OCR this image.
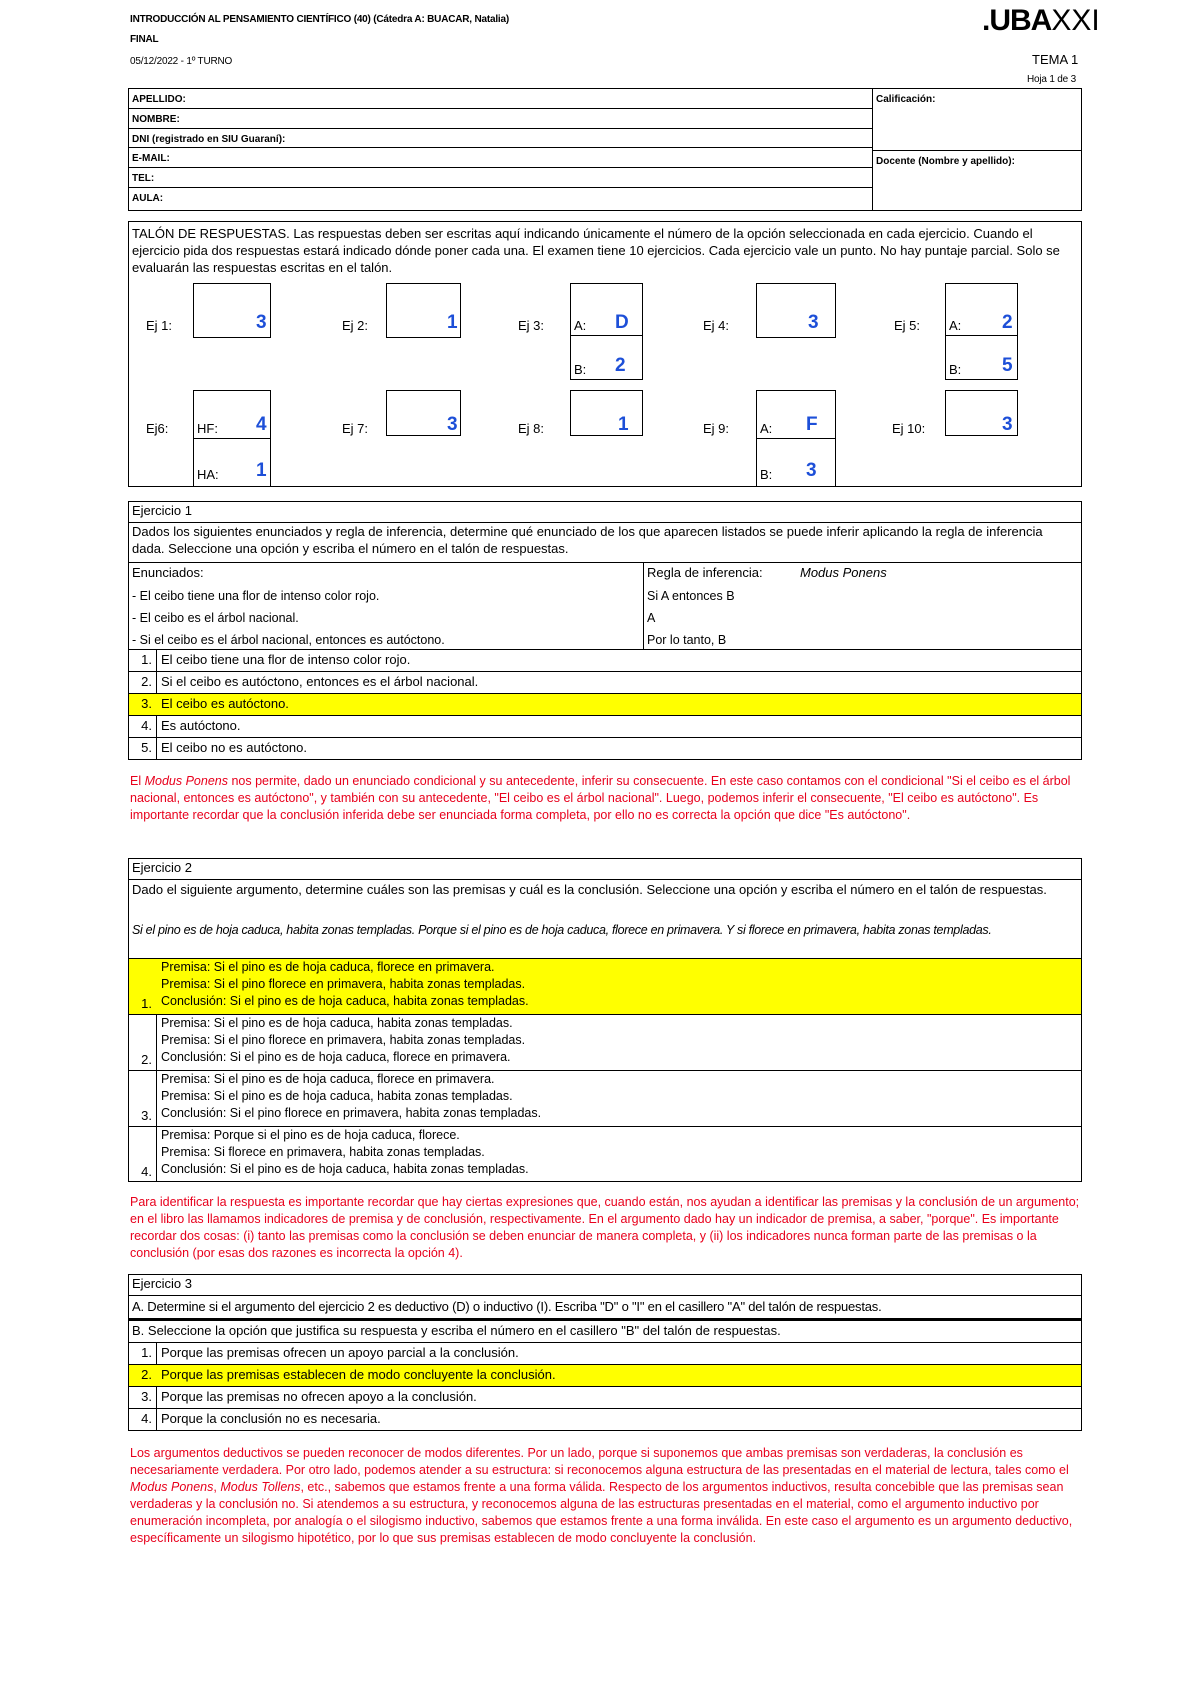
INTRODUCCIÓN AL PENSAMIENTO CIENTÍFICO (40) (Cátedra A: BUACAR, Natalia)
FINAL
05/12/2022 - 1º TURNO
.UBAXXI
TEMA 1
Hoja 1 de 3
APELLIDO:
NOMBRE:
DNI (registrado en SIU Guaraní):
E-MAIL:
TEL:
AULA:
Calificación:
Docente (Nombre y apellido):
TALÓN DE RESPUESTAS. Las respuestas deben ser escritas aquí indicando únicamente el número de la opción seleccionada en cada ejercicio. Cuando el ejercicio pida dos respuestas estará indicado dónde poner cada una. El examen tiene 10 ejercicios. Cada ejercicio vale un punto. No hay puntaje parcial. Solo se evaluarán las respuestas escritas en el talón.
Ej 1:	3	Ej 2:	1	Ej 3: A: D
B: 2
Ej 4:	3	Ej 5: A: 2
B: 5
Ej6: HF: 4
HA: 1
Ej 7:	3	Ej 8:	1	Ej 9: A: F
B: 3
Ej 10:	3
Ejercicio 1
Dados los siguientes enunciados y regla de inferencia, determine qué enunciado de los que aparecen listados se puede inferir aplicando la regla de inferencia dada. Seleccione una opción y escriba el número en el talón de respuestas.
Enunciados:
- El ceibo tiene una flor de intenso color rojo.
- El ceibo es el árbol nacional.
- Si el ceibo es el árbol nacional, entonces es autóctono.
Regla de inferencia:	Modus Ponens
Si A entonces B
A
Por lo tanto, B
1. El ceibo tiene una flor de intenso color rojo.
2. Si el ceibo es autóctono, entonces es el árbol nacional.
3. El ceibo es autóctono.
4. Es autóctono.
5. El ceibo no es autóctono.
El Modus Ponens nos permite, dado un enunciado condicional y su antecedente, inferir su consecuente. En este caso contamos con el condicional "Si el ceibo es el árbol nacional, entonces es autóctono", y también con su antecedente, "El ceibo es el árbol nacional". Luego, podemos inferir el consecuente, "El ceibo es autóctono". Es importante recordar que la conclusión inferida debe ser enunciada forma completa, por ello no es correcta la opción que dice "Es autóctono".
Ejercicio 2
Dado el siguiente argumento, determine cuáles son las premisas y cuál es la conclusión. Seleccione una opción y escriba el número en el talón de respuestas.
Si el pino es de hoja caduca, habita zonas templadas. Porque si el pino es de hoja caduca, florece en primavera. Y si florece en primavera, habita zonas templadas.
1.
Premisa: Si el pino es de hoja caduca, florece en primavera.
Premisa: Si el pino florece en primavera, habita zonas templadas.
Conclusión: Si el pino es de hoja caduca, habita zonas templadas.
2.
Premisa: Si el pino es de hoja caduca, habita zonas templadas.
Premisa: Si el pino florece en primavera, habita zonas templadas.
Conclusión: Si el pino es de hoja caduca, florece en primavera.
3.
Premisa: Si el pino es de hoja caduca, florece en primavera.
Premisa: Si el pino es de hoja caduca, habita zonas templadas.
Conclusión: Si el pino florece en primavera, habita zonas templadas.
4.
Premisa: Porque si el pino es de hoja caduca, florece.
Premisa: Si florece en primavera, habita zonas templadas.
Conclusión: Si el pino es de hoja caduca, habita zonas templadas.
Para identificar la respuesta es importante recordar que hay ciertas expresiones que, cuando están, nos ayudan a identificar las premisas y la conclusión de un argumento; en el libro las llamamos indicadores de premisa y de conclusión, respectivamente. En el argumento dado hay un indicador de premisa, a saber, "porque". Es importante recordar dos cosas: (i) tanto las premisas como la conclusión se deben enunciar de manera completa, y (ii) los indicadores nunca forman parte de las premisas o la conclusión (por esas dos razones es incorrecta la opción 4).
Ejercicio 3
A. Determine si el argumento del ejercicio 2 es deductivo (D) o inductivo (I). Escriba "D" o "I" en el casillero "A" del talón de respuestas.
B. Seleccione la opción que justifica su respuesta y escriba el número en el casillero "B" del talón de respuestas.
1. Porque las premisas ofrecen un apoyo parcial a la conclusión.
2. Porque las premisas establecen de modo concluyente la conclusión.
3. Porque las premisas no ofrecen apoyo a la conclusión.
4. Porque la conclusión no es necesaria.
Los argumentos deductivos se pueden reconocer de modos diferentes. Por un lado, porque si suponemos que ambas premisas son verdaderas, la conclusión es necesariamente verdadera. Por otro lado, podemos atender a su estructura: si reconocemos alguna estructura de las presentadas en el material de lectura, tales como el Modus Ponens, Modus Tollens, etc., sabemos que estamos frente a una forma válida. Respecto de los argumentos inductivos, resulta concebible que las premisas sean verdaderas y la conclusión no. Si atendemos a su estructura, y reconocemos alguna de las estructuras presentadas en el material, como el argumento inductivo por enumeración incompleta, por analogía o el silogismo inductivo, sabemos que estamos frente a una forma inválida. En este caso el argumento es un argumento deductivo, específicamente un silogismo hipotético, por lo que sus premisas establecen de modo concluyente la conclusión.
